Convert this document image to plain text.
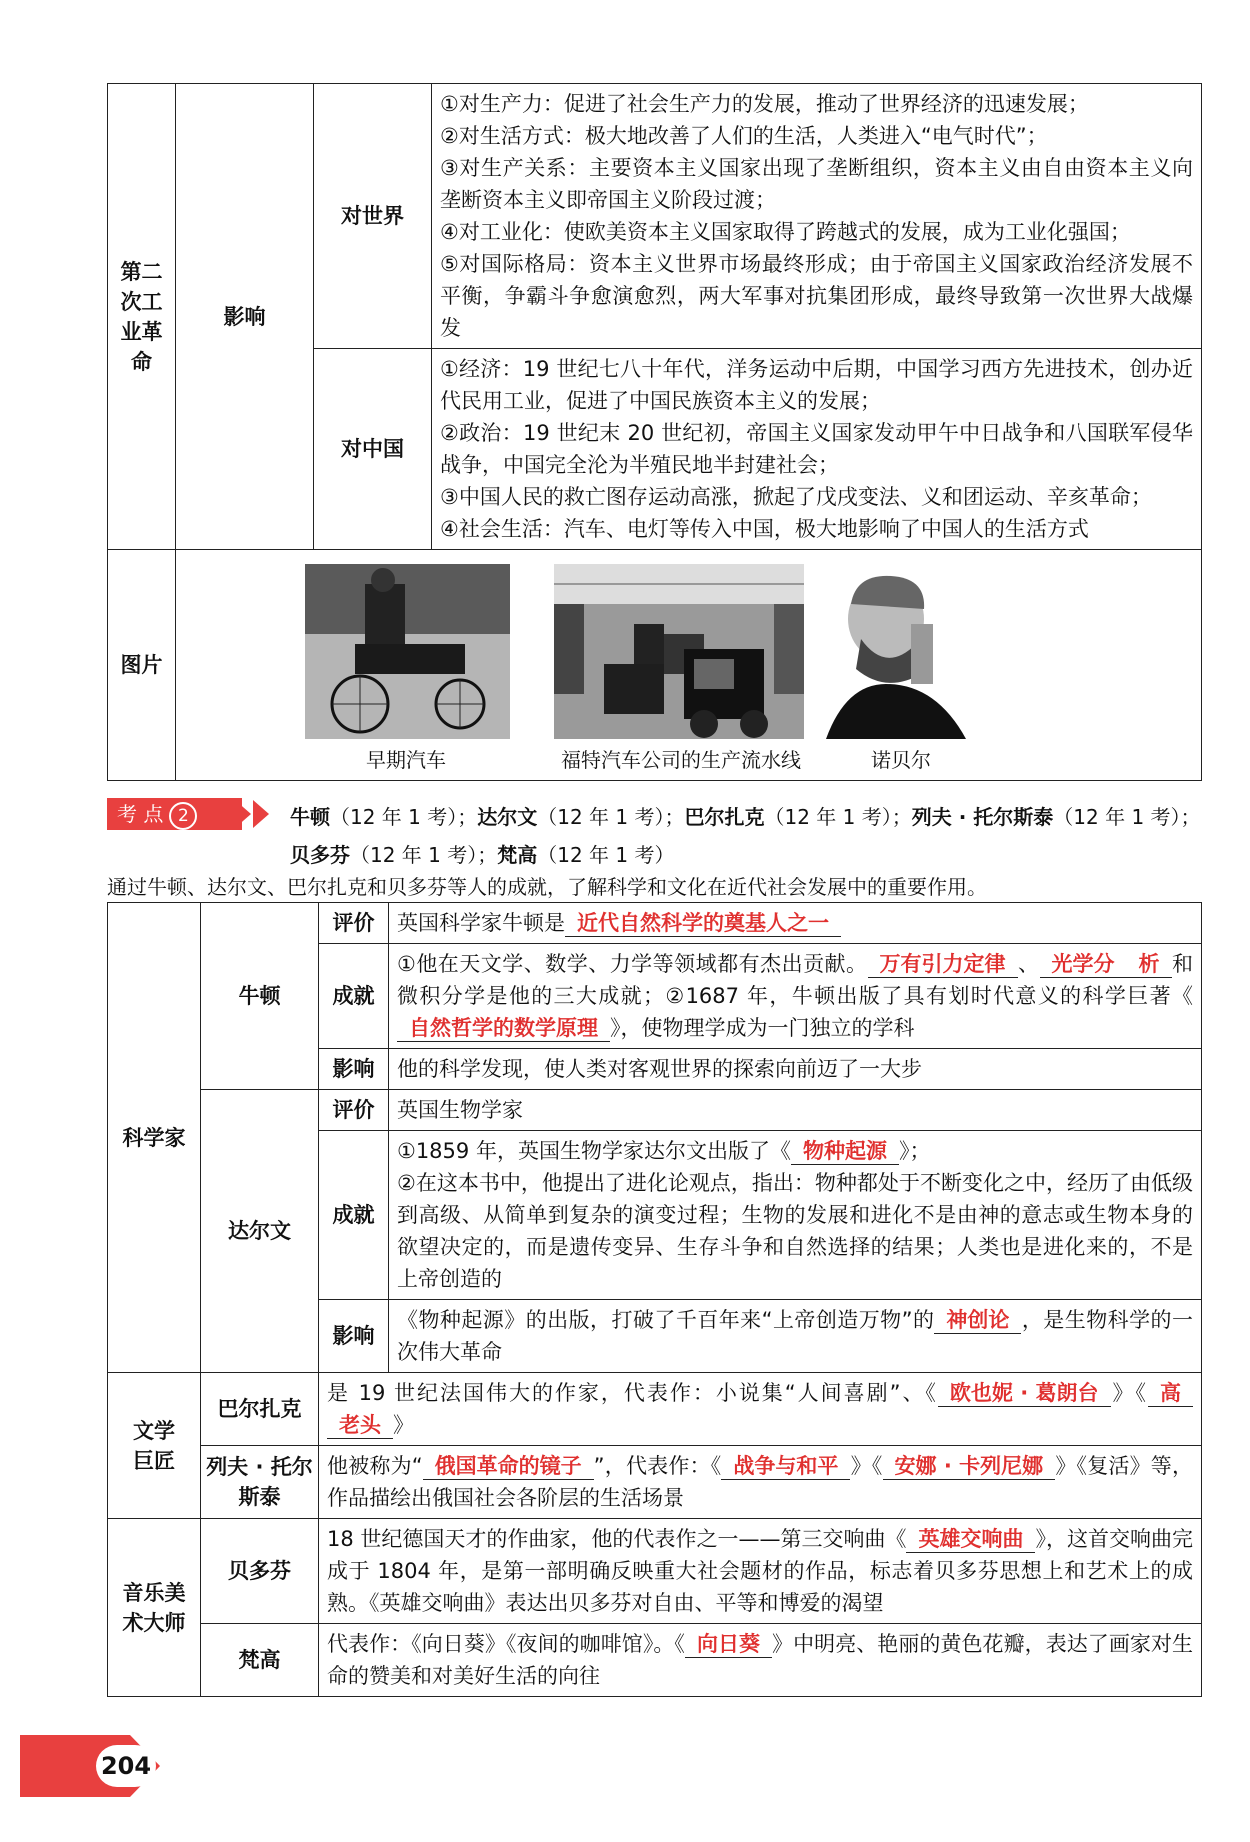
第二次工业革命	影响	对世界	①对生产力：促进了社会生产力的发展，推动了世界经济的迅速发展；
②对生活方式：极大地改善了人们的生活，人类进入“电气时代”；
③对生产关系：主要资本主义国家出现了垄断组织，资本主义由自由资本主义向垄断资本主义即帝国主义阶段过渡；
④对工业化：使欧美资本主义国家取得了跨越式的发展，成为工业化强国；
⑤对国际格局：资本主义世界市场最终形成；由于帝国主义国家政治经济发展不平衡，争霸斗争愈演愈烈，两大军事对抗集团形成，最终导致第一次世界大战爆发

		对中国	①经济：19 世纪七八十年代，洋务运动中后期，中国学习西方先进技术，创办近代民用工业，促进了中国民族资本主义的发展；
②政治：19 世纪末 20 世纪初，帝国主义国家发动甲午中日战争和八国联军侵华战争，中国完全沦为半殖民地半封建社会；
③中国人民的救亡图存运动高涨，掀起了戊戌变法、义和团运动、辛亥革命；
④社会生活：汽车、电灯等传入中国，极大地影响了中国人的生活方式

图片	早期汽车 福特汽车公司的生产流水线 诺贝尔		
考 点 2	牛顿（12 年 1 考）；达尔文（12 年 1 考）；巴尔扎克（12 年 1 考）；列夫 · 托尔斯泰（12 年 1 考）；
贝多芬（12 年 1 考）；梵高（12 年 1 考）
通过牛顿、达尔文、巴尔扎克和贝多芬等人的成就，了解科学和文化在近代社会发展中的重要作用。
科学家	牛顿	评价	英国科学家牛顿是 近代自然科学的奠基人之一
		成就	①他在天文学、数学、力学等领域都有杰出贡献。 万有引力定律 、 光学分 析 和微积分学是他的三大成就；②1687 年，牛顿出版了具有划时代意义的科学巨著《自然哲学的数学原理 》，使物理学成为一门独立的学科
		影响	他的科学发现，使人类对客观世界的探索向前迈了一大步
	达尔文	评价	英国生物学家
		成就	①1859 年，英国生物学家达尔文出版了《 物种起源 》；
②在这本书中，他提出了进化论观点，指出：物种都处于不断变化之中，经历了由低级到高级、从简单到复杂的演变过程；生物的发展和进化不是由神的意志或生物本身的欲望决定的，而是遗传变异、生存斗争和自然选择的结果；人类也是进化来的，不是上帝创造的

		影响	《物种起源》的出版，打破了千百年来“上帝创造万物”的 神创论 ，是生物科学的一次伟大革命
文学巨匠	巴尔扎克	是 19 世纪法国伟大的作家，代表作：小说集“人间喜剧”、《 欧也妮 · 葛朗台 》《 高老头 》	
	列夫 · 托尔斯泰	他被称为“ 俄国革命的镜子 ”，代表作：《 战争与和平 》《 安娜 · 卡列尼娜 》《复活》等，作品描绘出俄国社会各阶层的生活场景	
音乐美术大师	贝多芬	18 世纪德国天才的作曲家，他的代表作之一——第三交响曲《 英雄交响曲 》，这首交响曲完成于 1804 年，是第一部明确反映重大社会题材的作品，标志着贝多芬思想上和艺术上的成熟。《英雄交响曲》表达出贝多芬对自由、平等和博爱的渴望	
	梵高	代表作：《向日葵》《夜间的咖啡馆》。《 向日葵 》中明亮、艳丽的黄色花瓣，表达了画家对生命的赞美和对美好生活的向往	
204
